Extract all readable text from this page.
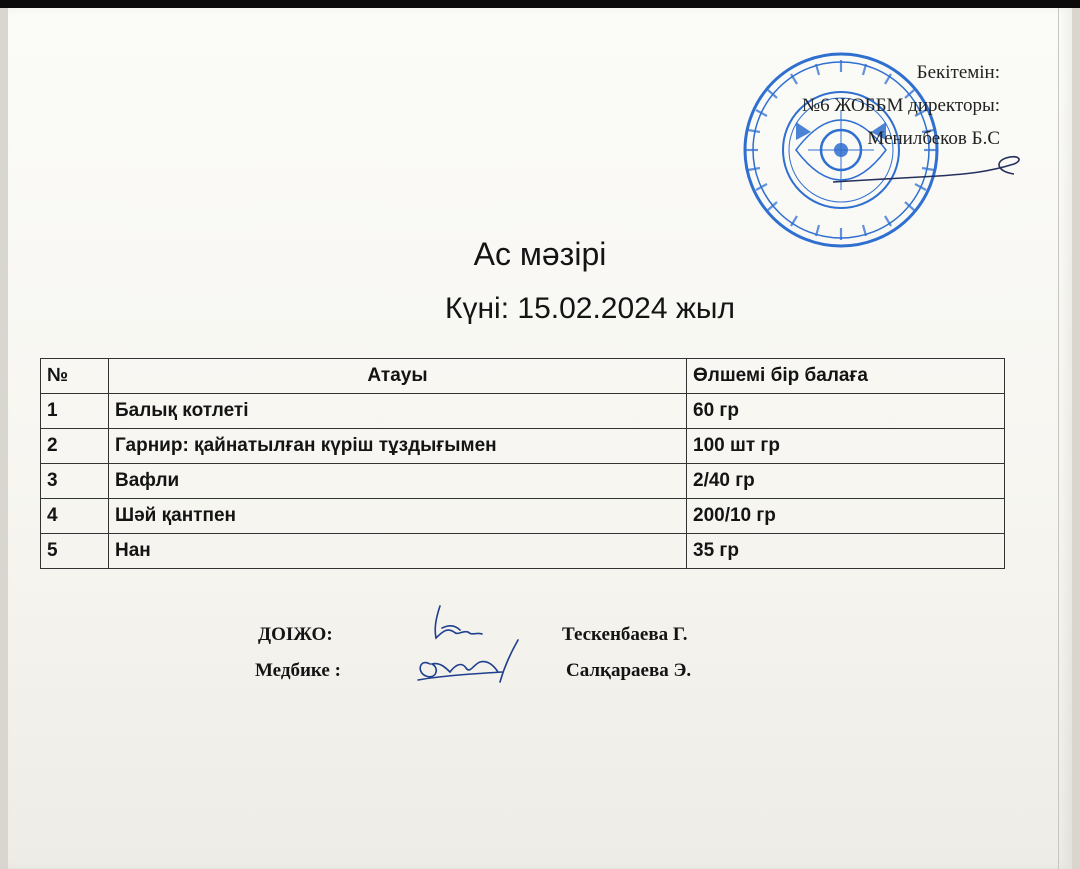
Бекітемін:
№6 ЖОББМ директоры:
Менилбеков Б.С
Ас мәзірі
Күні: 15.02.2024 жыл
№	Атауы	Өлшемі бір балаға
1	Балық котлеті	60 гр
2	Гарнир: қайнатылған күріш тұздығымен	100 шт гр
3	Вафли	2/40 гр
4	Шәй қантпен	200/10 гр
5	Нан	35 гр
ДОІЖО:	Тескенбаева Г.
Медбике :	Салқараева Э.
